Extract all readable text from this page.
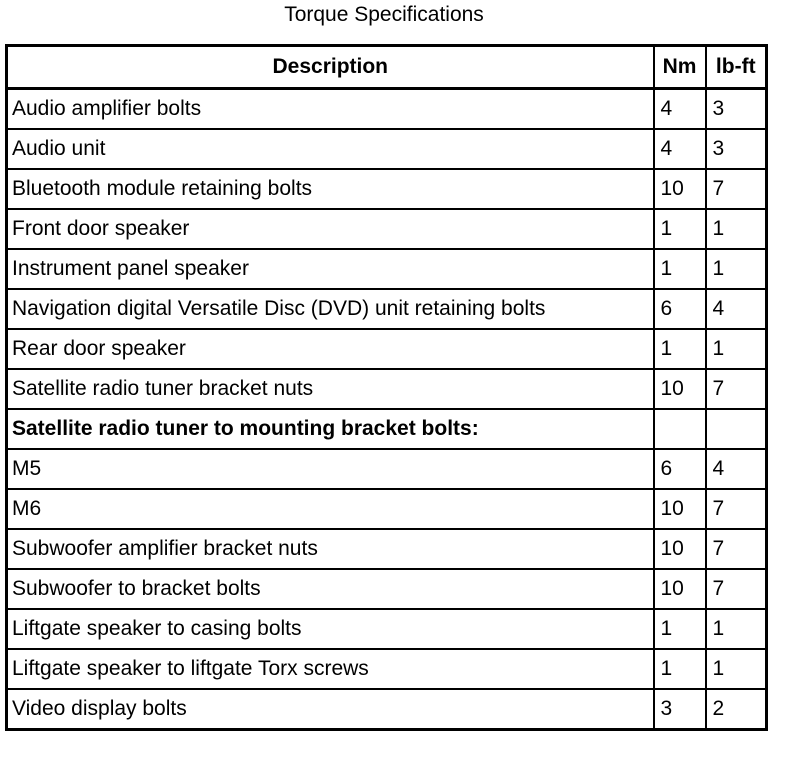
Torque Specifications
Description	Nm	lb-ft
Audio amplifier bolts	4	3
Audio unit	4	3
Bluetooth module retaining bolts	10	7
Front door speaker	1	1
Instrument panel speaker	1	1
Navigation digital Versatile Disc (DVD) unit retaining bolts	6	4
Rear door speaker	1	1
Satellite radio tuner bracket nuts	10	7
Satellite radio tuner to mounting bracket bolts:		
M5	6	4
M6	10	7
Subwoofer amplifier bracket nuts	10	7
Subwoofer to bracket bolts	10	7
Liftgate speaker to casing bolts	1	1
Liftgate speaker to liftgate Torx screws	1	1
Video display bolts	3	2
